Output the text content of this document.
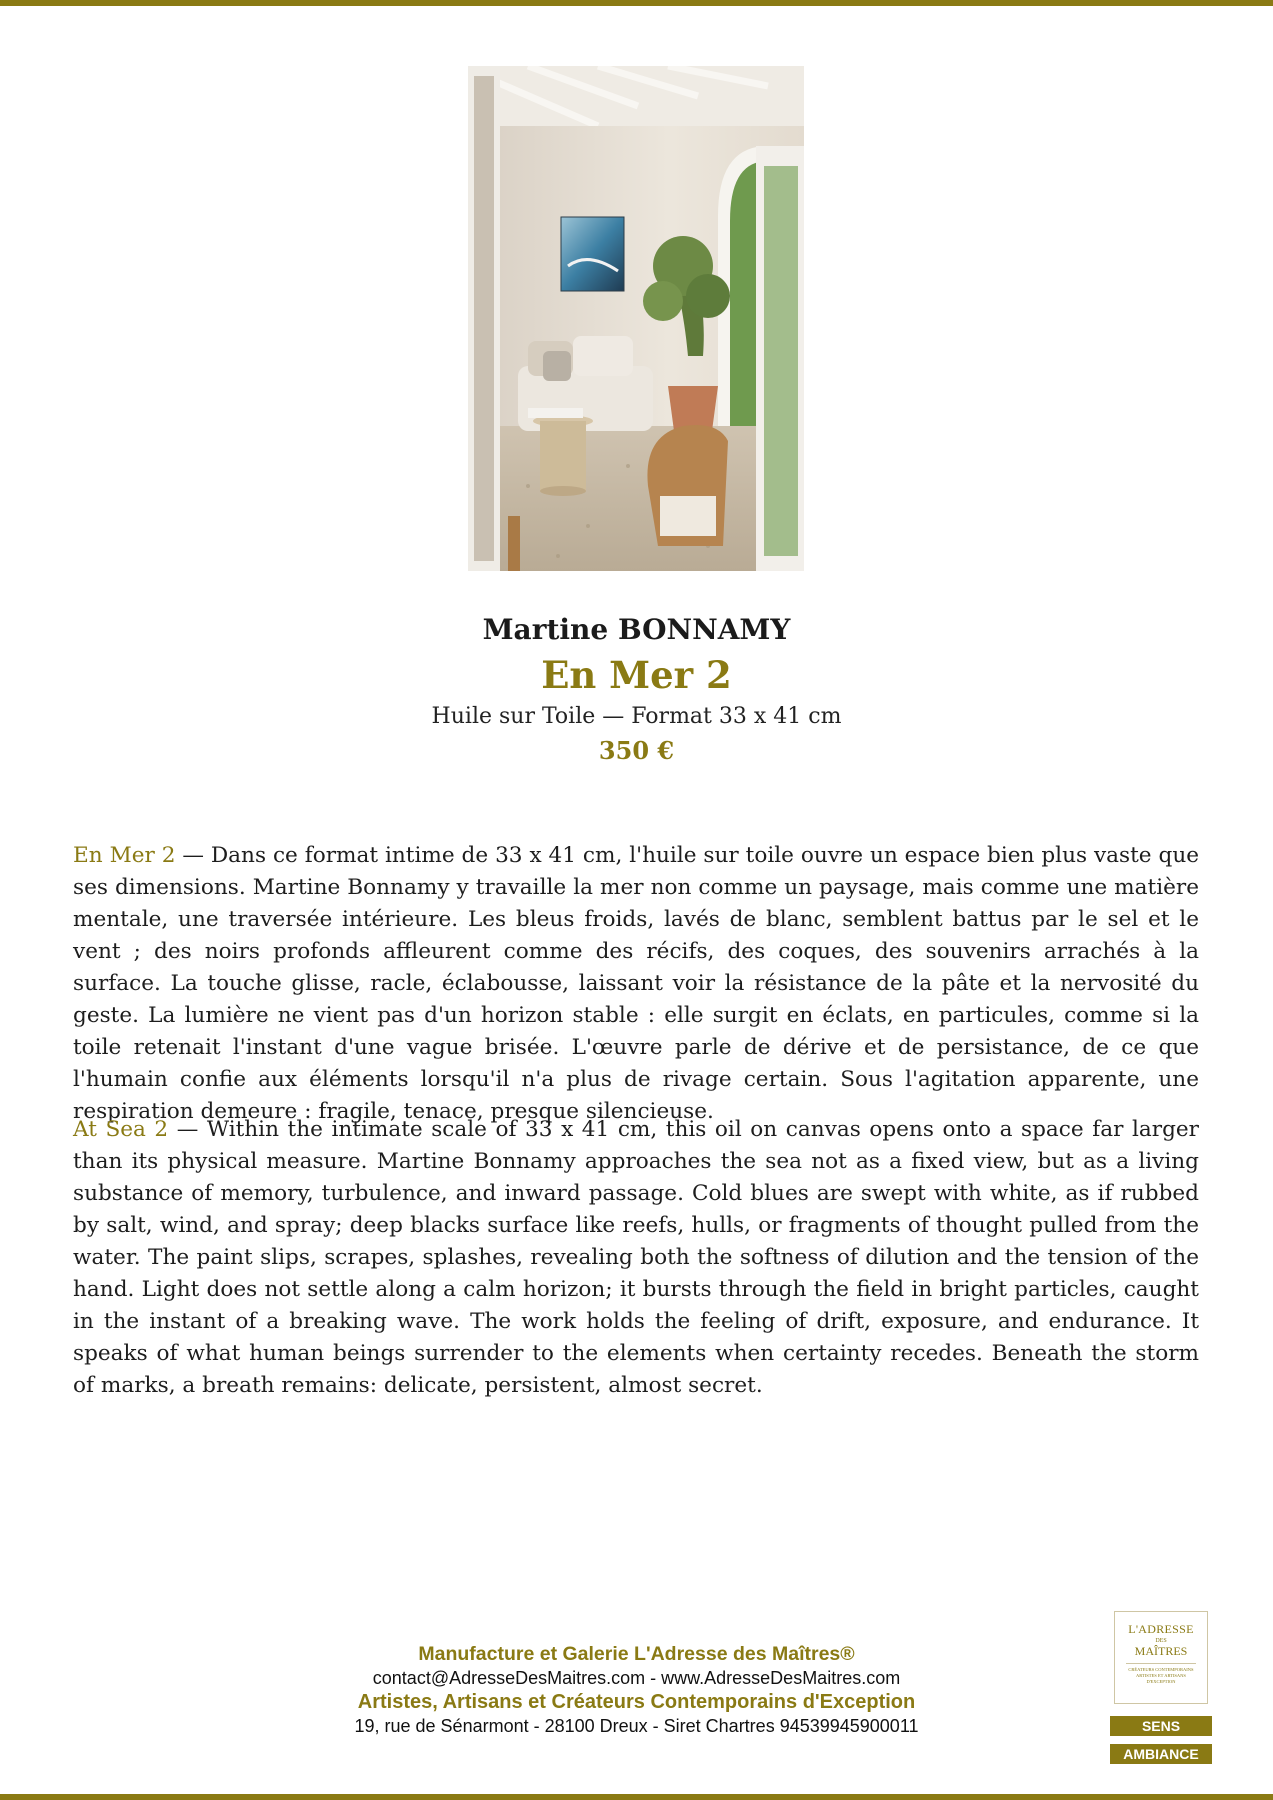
Martine BONNAMY
En Mer 2
Huile sur Toile — Format 33 x 41 cm
350 €

En Mer 2 — Dans ce format intime de 33 x 41 cm, l'huile sur toile ouvre un espace bien plus vaste que ses dimensions. Martine Bonnamy y travaille la mer non comme un paysage, mais comme une matière mentale, une traversée intérieure. Les bleus froids, lavés de blanc, semblent battus par le sel et le vent ; des noirs profonds affleurent comme des récifs, des coques, des souvenirs arrachés à la surface. La touche glisse, racle, éclabousse, laissant voir la résistance de la pâte et la nervosité du geste. La lumière ne vient pas d'un horizon stable : elle surgit en éclats, en particules, comme si la toile retenait l'instant d'une vague brisée. L'œuvre parle de dérive et de persistance, de ce que l'humain confie aux éléments lorsqu'il n'a plus de rivage certain. Sous l'agitation apparente, une respiration demeure : fragile, tenace, presque silencieuse.

At Sea 2 — Within the intimate scale of 33 x 41 cm, this oil on canvas opens onto a space far larger than its physical measure. Martine Bonnamy approaches the sea not as a fixed view, but as a living substance of memory, turbulence, and inward passage. Cold blues are swept with white, as if rubbed by salt, wind, and spray; deep blacks surface like reefs, hulls, or fragments of thought pulled from the water. The paint slips, scrapes, splashes, revealing both the softness of dilution and the tension of the hand. Light does not settle along a calm horizon; it bursts through the field in bright particles, caught in the instant of a breaking wave. The work holds the feeling of drift, exposure, and endurance. It speaks of what human beings surrender to the elements when certainty recedes. Beneath the storm of marks, a breath remains: delicate, persistent, almost secret.

Manufacture et Galerie L'Adresse des Maîtres®
contact@AdresseDesMaitres.com - www.AdresseDesMaitres.com
Artistes, Artisans et Créateurs Contemporains d'Exception
19, rue de Sénarmont - 28100 Dreux - Siret Chartres 94539945900011
L'ADRESSE
DES
MAÎTRES
CRÉATEURS CONTEMPORAINS ARTISTES ET ARTISANS D'EXCEPTION
SENS
AMBIANCE
